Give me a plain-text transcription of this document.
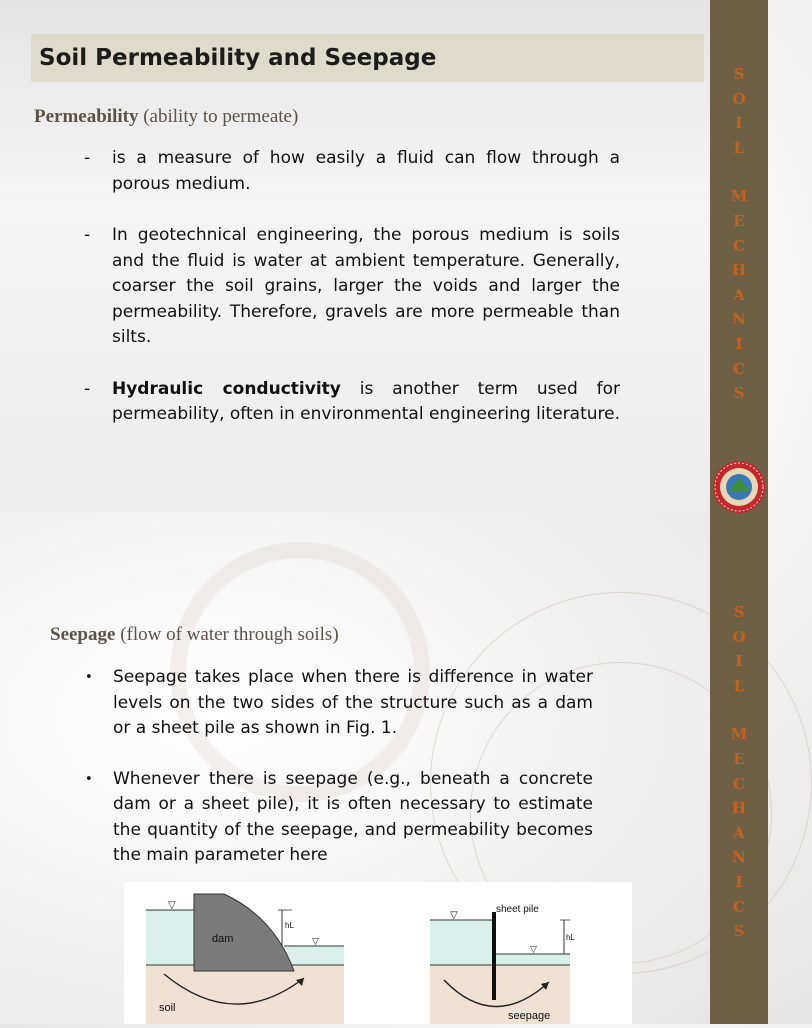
Soil Permeability and Seepage
Permeability (ability to permeate)
- is a measure of how easily a fluid can flow through a porous medium.
- In geotechnical engineering, the porous medium is soils and the fluid is water at ambient temperature. Generally, coarser the soil grains, larger the voids and larger the permeability. Therefore, gravels are more permeable than silts.
- Hydraulic conductivity is another term used for permeability, often in environmental engineering literature.
Seepage (flow of water through soils)
• Seepage takes place when there is difference in water levels on the two sides of the structure such as a dam or a sheet pile as shown in Fig. 1.
• Whenever there is seepage (e.g., beneath a concrete dam or a sheet pile), it is often necessary to estimate the quantity of the seepage, and permeability becomes the main parameter here
▽
▽
dam
hL
soil
▽
▽
sheet pile
hL
seepage
S
O
I
L
M
E
C
H
A
N
I
C
S
S
O
I
L
M
E
C
H
A
N
I
C
S
